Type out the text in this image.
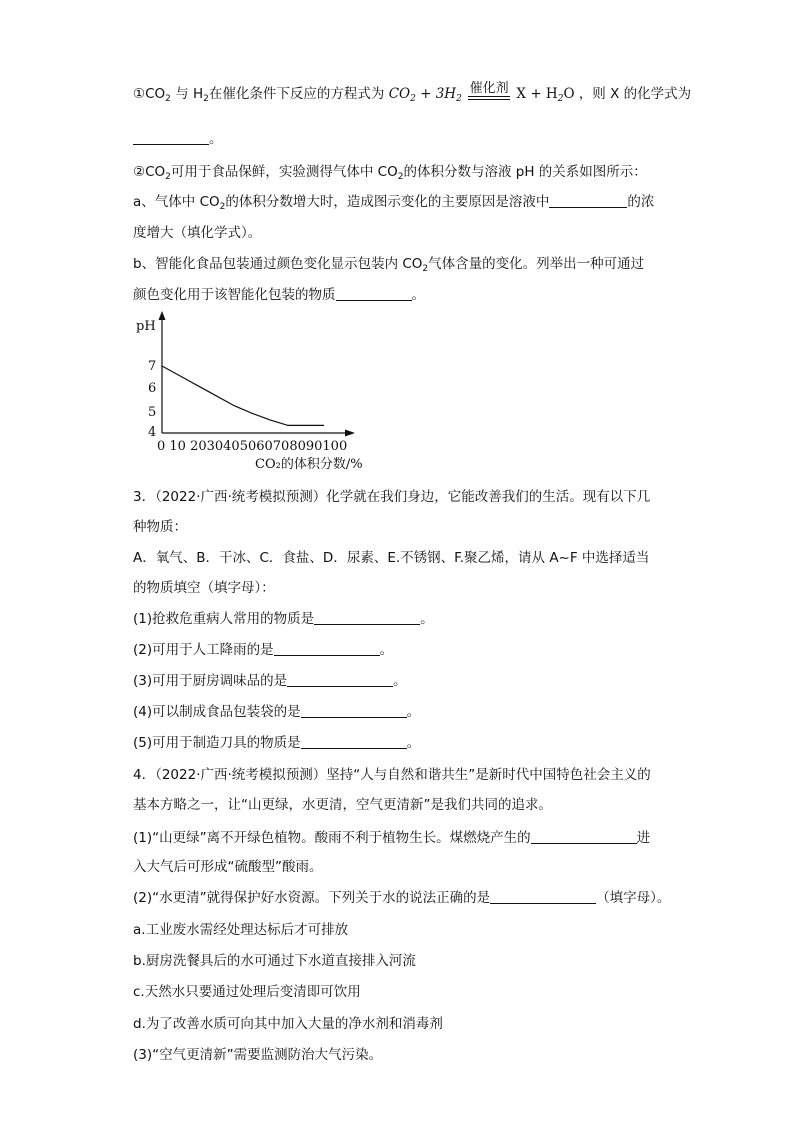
$①CO_2$ 与 $H_2$在催化条件下反应的方程式为 $CO_2 + 3H_2$
催化剂 $X + H_2O$ ，则 X 的化学式为
。
$②CO_2$可用于食品保鲜，实验测得气体中 $CO_2$的体积分数与溶液 pH 的关系如图所示：
a、气体中 $CO_2$的体积分数增大时，造成图示变化的主要原因是溶液中	的浓
度增大（填化学式）。
b、智能化食品包装通过颜色变化显示包装内 $CO_2$气体含量的变化。列举出一种可通过
颜色变化用于该智能化包装的物质	。
pH
7
6
5
4
0 10 2030405060708090100
CO₂的体积分数/%
3．（2022·广西·统考模拟预测）化学就在我们身边，它能改善我们的生活。现有以下几
种物质：
A．氧气、B．干冰、C．食盐、D．尿素、E.不锈钢、F.聚乙烯，请从 A~F 中选择适当
的物质填空（填字母）：
(1)抢救危重病人常用的物质是	。
(2)可用于人工降雨的是	。
(3)可用于厨房调味品的是	。
(4)可以制成食品包装袋的是	。
(5)可用于制造刀具的物质是	。
4．（2022·广西·统考模拟预测）坚持“人与自然和谐共生”是新时代中国特色社会主义的
基本方略之一，让“山更绿，水更清，空气更清新”是我们共同的追求。
(1)“山更绿”离不开绿色植物。酸雨不利于植物生长。煤燃烧产生的	进
入大气后可形成“硫酸型”酸雨。
(2)“水更清”就得保护好水资源。下列关于水的说法正确的是	（填字母）。
a.工业废水需经处理达标后才可排放
b.厨房洗餐具后的水可通过下水道直接排入河流
c.天然水只要通过处理后变清即可饮用
d.为了改善水质可向其中加入大量的净水剂和消毒剂
(3)“空气更清新”需要监测防治大气污染。
